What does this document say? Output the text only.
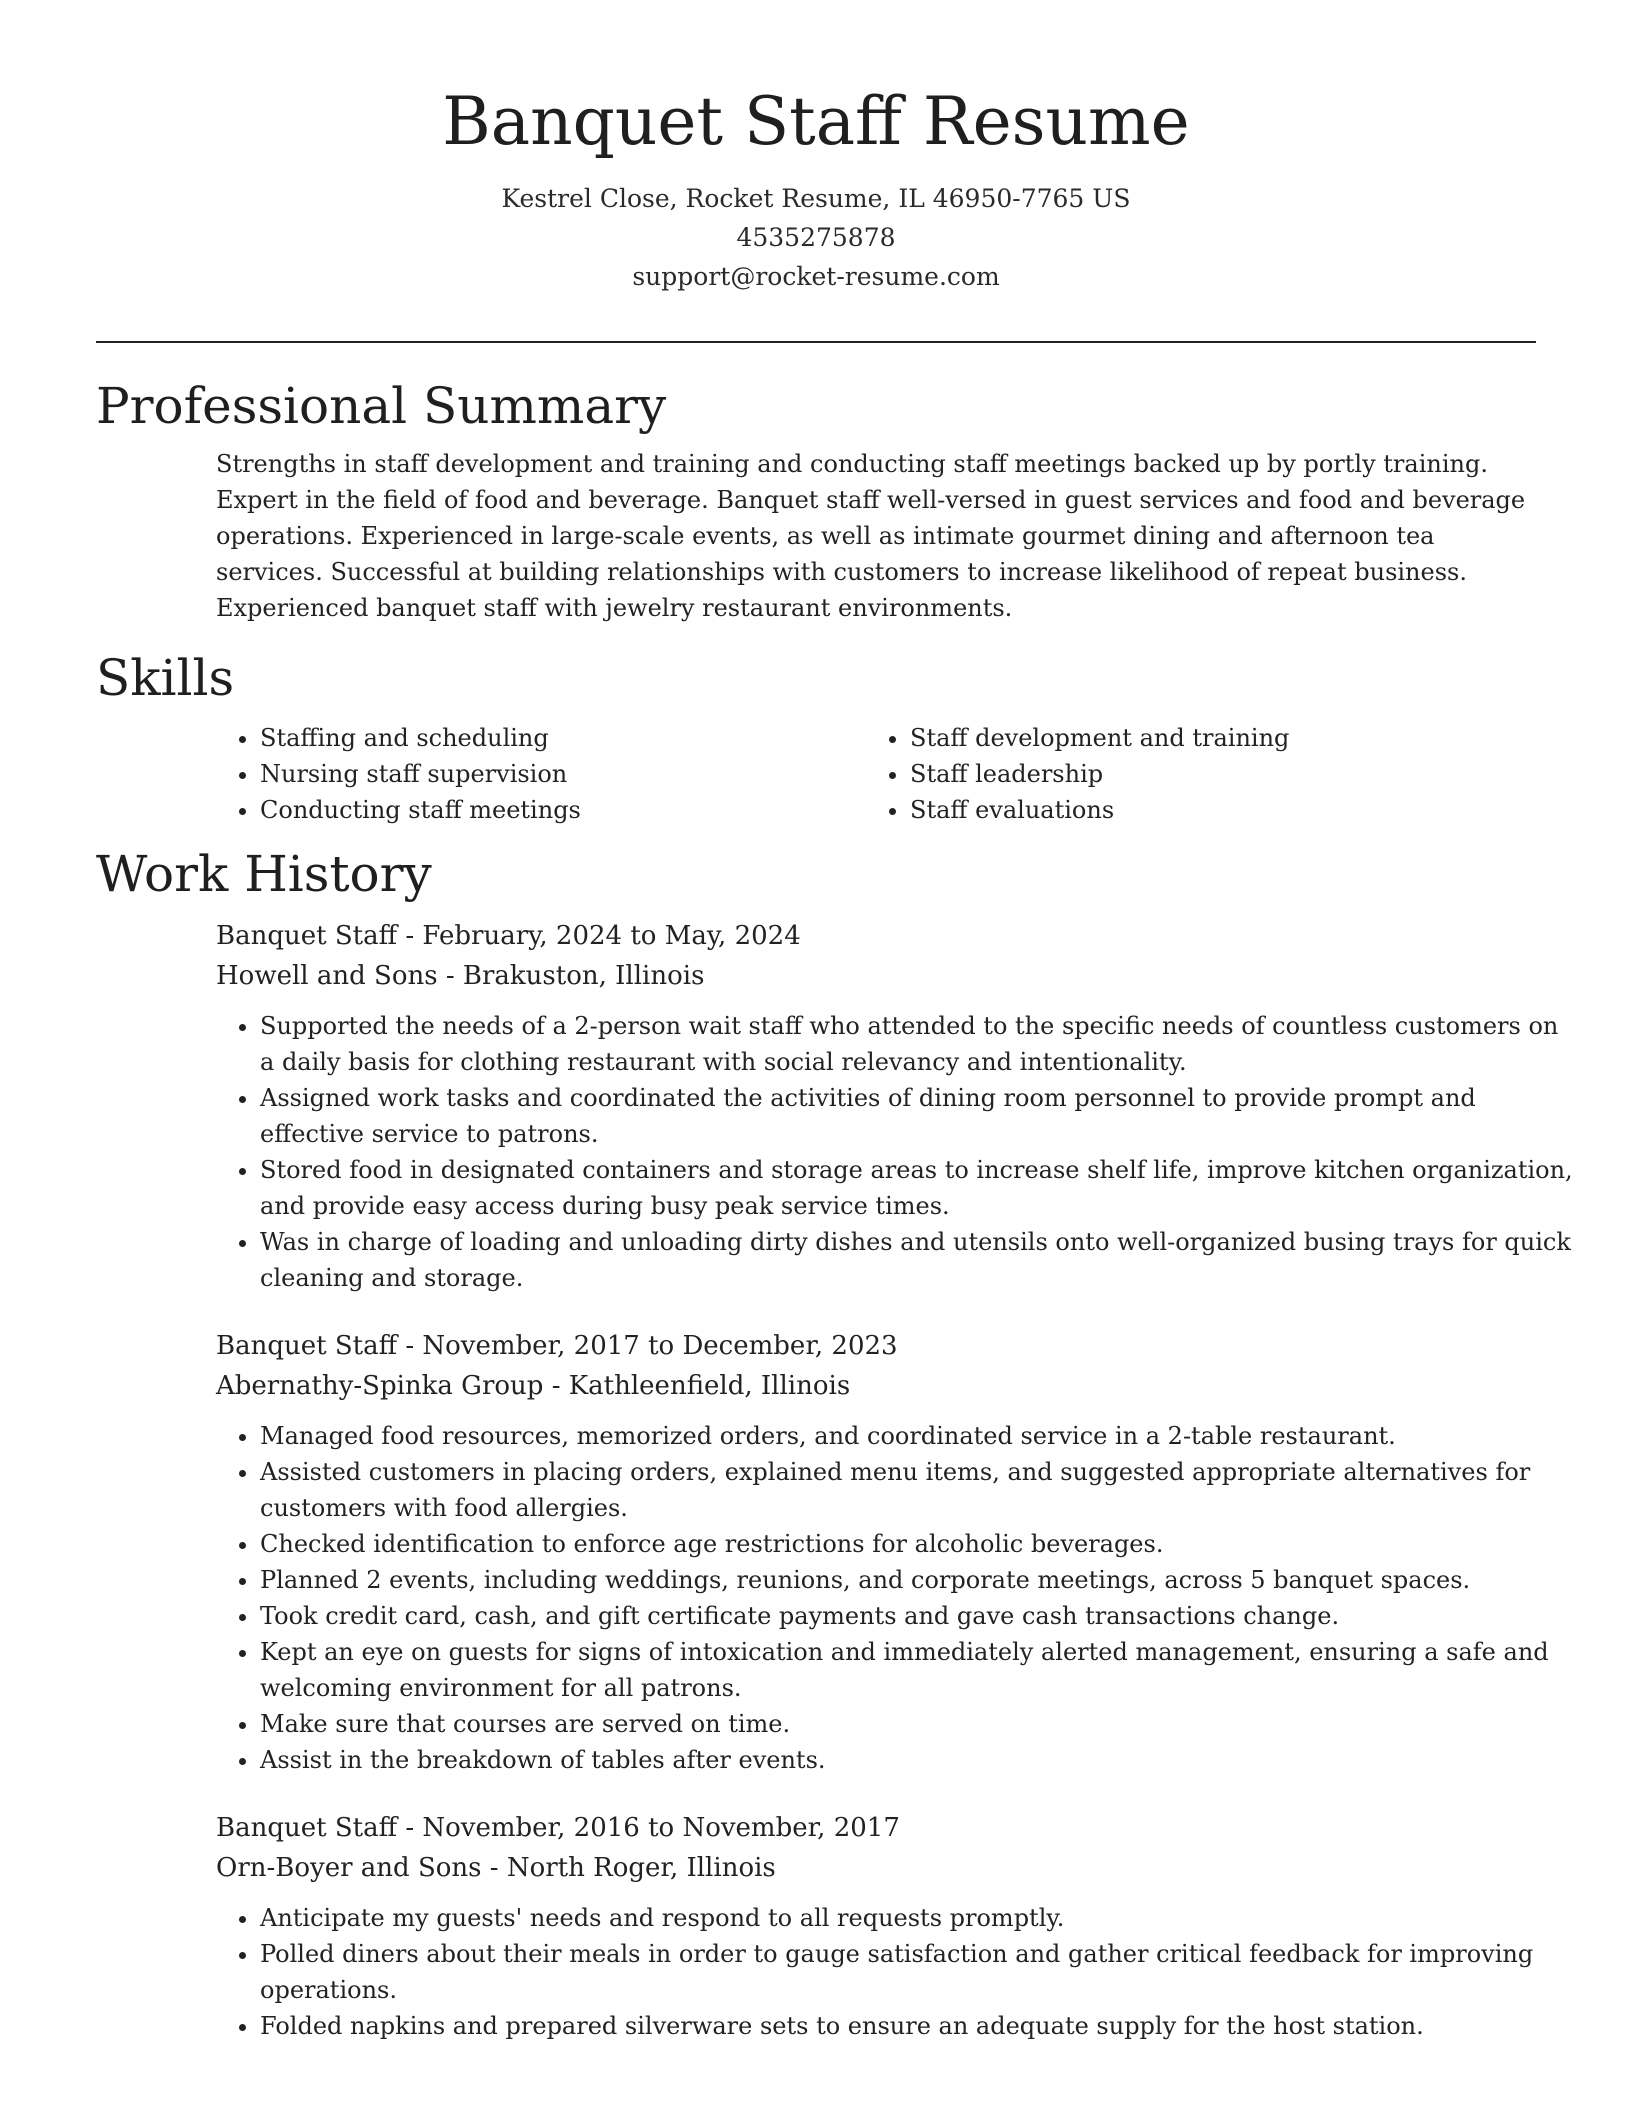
Banquet Staff Resume
Kestrel Close, Rocket Resume, IL 46950-7765 US
4535275878
support@rocket-resume.com
Professional Summary

Strengths in staff development and training and conducting staff meetings backed up by portly training. Expert in the field of food and beverage. Banquet staff well-versed in guest services and food and beverage operations. Experienced in large-scale events, as well as intimate gourmet dining and afternoon tea services. Successful at building relationships with customers to increase likelihood of repeat business. Experienced banquet staff with jewelry restaurant environments.

Skills
• Staffing and scheduling
• Nursing staff supervision
• Conducting staff meetings
• Staff development and training
• Staff leadership
• Staff evaluations
Work History
Banquet Staff - February, 2024 to May, 2024
Howell and Sons - Brakuston, Illinois
• Supported the needs of a 2-person wait staff who attended to the specific needs of countless customers on a daily basis for clothing restaurant with social relevancy and intentionality.
• Assigned work tasks and coordinated the activities of dining room personnel to provide prompt and effective service to patrons.
• Stored food in designated containers and storage areas to increase shelf life, improve kitchen organization, and provide easy access during busy peak service times.
• Was in charge of loading and unloading dirty dishes and utensils onto well-organized busing trays for quick cleaning and storage.
Banquet Staff - November, 2017 to December, 2023
Abernathy-Spinka Group - Kathleenfield, Illinois
• Managed food resources, memorized orders, and coordinated service in a 2-table restaurant.
• Assisted customers in placing orders, explained menu items, and suggested appropriate alternatives for customers with food allergies.
• Checked identification to enforce age restrictions for alcoholic beverages.
• Planned 2 events, including weddings, reunions, and corporate meetings, across 5 banquet spaces.
• Took credit card, cash, and gift certificate payments and gave cash transactions change.
• Kept an eye on guests for signs of intoxication and immediately alerted management, ensuring a safe and welcoming environment for all patrons.
• Make sure that courses are served on time.
• Assist in the breakdown of tables after events.
Banquet Staff - November, 2016 to November, 2017
Orn-Boyer and Sons - North Roger, Illinois
• Anticipate my guests' needs and respond to all requests promptly.
• Polled diners about their meals in order to gauge satisfaction and gather critical feedback for improving operations.
• Folded napkins and prepared silverware sets to ensure an adequate supply for the host station.
